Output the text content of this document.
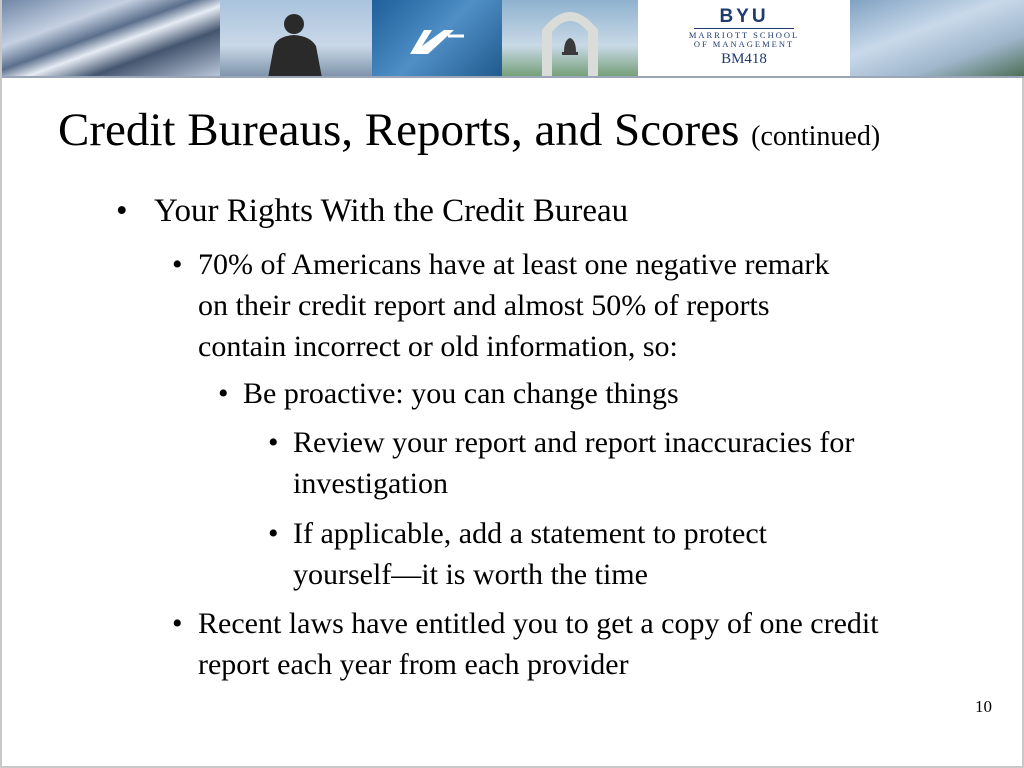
BYU
MARRIOTT SCHOOL
OF MANAGEMENT
BM418
Credit Bureaus, Reports, and Scores (continued)
• Your Rights With the Credit Bureau
• 70% of Americans have at least one negative remark on their credit report and almost 50% of reports contain incorrect or old information, so:
• Be proactive: you can change things
• Review your report and report inaccuracies for investigation
• If applicable, add a statement to protect yourself—it is worth the time
• Recent laws have entitled you to get a copy of one credit report each year from each provider
10
